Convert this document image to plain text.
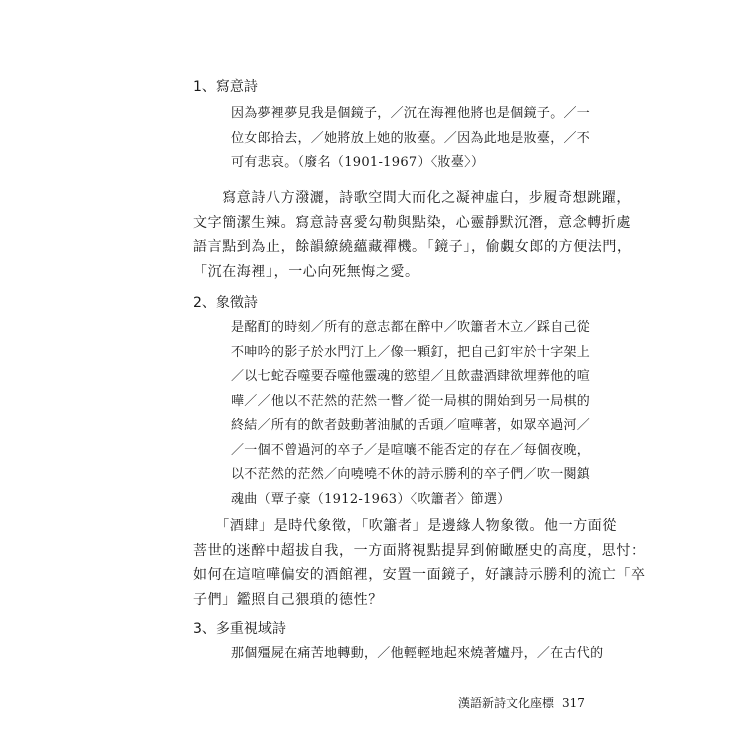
1、寫意詩
因為夢裡夢見我是個鏡子，／沉在海裡他將也是個鏡子。／一
位女郎拾去，／她將放上她的妝臺。／因為此地是妝臺，／不
可有悲哀。（廢名（1901-1967）〈妝臺〉）
　　寫意詩八方潑灑，詩歌空間大而化之凝神虛白，步履奇想跳躍，
文字簡潔生辣。寫意詩喜愛勾勒與點染，心靈靜默沉潛，意念轉折處
語言點到為止，餘韻繚繞蘊藏禪機。「鏡子」，偷覷女郎的方便法門，
「沉在海裡」，一心向死無悔之愛。
2、象徵詩
是酩酊的時刻／所有的意志都在醉中／吹簫者木立／踩自己從
不呻吟的影子於水門汀上／像一顆釘，把自己釘牢於十字架上
／以七蛇吞噬要吞噬他靈魂的慾望／且飲盡酒肆欲埋葬他的喧
嘩／／他以不茫然的茫然一瞥／從一局棋的開始到另一局棋的
終結／所有的飲者鼓動著油膩的舌頭／喧嘩著，如眾卒過河／
／一個不曾過河的卒子／是喧嚷不能否定的存在／每個夜晚，
以不茫然的茫然／向嘵嘵不休的詩示勝利的卒子們／吹一闋鎮
魂曲（覃子豪（1912-1963）〈吹簫者〉節選）
　　「酒肆」是時代象徵，「吹簫者」是邊緣人物象徵。他一方面從
菩世的迷醉中超拔自我，一方面將視點提昇到俯瞰歷史的高度，思忖：
如何在這喧嘩偏安的酒館裡，安置一面鏡子，好讓詩示勝利的流亡「卒
子們」鑑照自己猥瑣的德性？
3、多重視域詩
那個殭屍在痛苦地轉動，／他輕輕地起來燒著爐丹，／在古代的
漢語新詩文化座標 317
